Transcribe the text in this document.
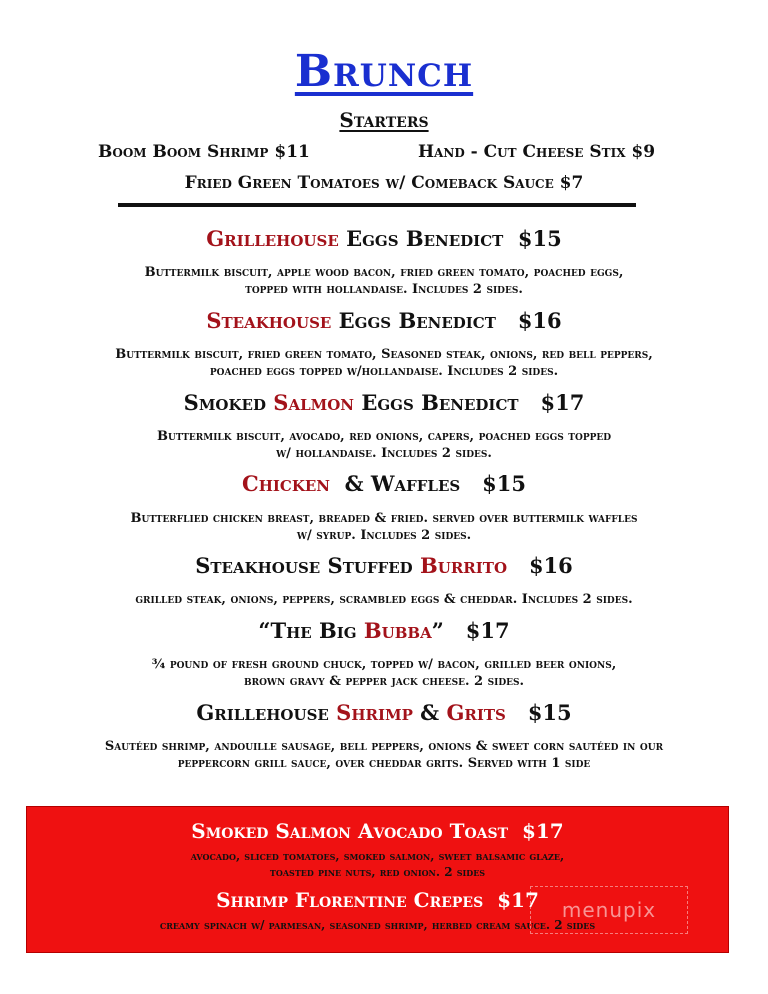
Brunch
Starters
Boom Boom Shrimp $11	Hand - Cut Cheese Stix $9
Fried Green Tomatoes w/ Comeback Sauce $7
Grillehouse Eggs Benedict  $15
Buttermilk biscuit, apple wood bacon, fried green tomato, poached eggs,
topped with hollandaise. Includes 2 sides.
Steakhouse Eggs Benedict   $16
Buttermilk biscuit, fried green tomato, Seasoned steak, onions, red bell peppers,
poached eggs topped w/hollandaise. Includes 2 sides.
Smoked Salmon Eggs Benedict   $17
Buttermilk biscuit, avocado, red onions, capers, poached eggs topped
w/ hollandaise. Includes 2 sides.
Chicken  & Waffles   $15
Butterflied chicken breast, breaded & fried. served over buttermilk waffles
w/ syrup. Includes 2 sides.
Steakhouse Stuffed Burrito   $16
grilled steak, onions, peppers, scrambled eggs & cheddar. Includes 2 sides.
“The Big Bubba”   $17
¾ pound of fresh ground chuck, topped w/ bacon, grilled beer onions,
brown gravy & pepper jack cheese. 2 sides.
Grillehouse Shrimp & Grits   $15
Sautéed shrimp, andouille sausage, bell peppers, onions & sweet corn sautéed in our
peppercorn grill sauce, over cheddar grits. Served with 1 side
Smoked Salmon Avocado Toast  $17
avocado, sliced tomatoes, smoked salmon, sweet balsamic glaze,
toasted pine nuts, red onion. 2 sides
Shrimp Florentine Crepes  $17
creamy spinach w/ parmesan, seasoned shrimp, herbed cream sauce. 2 sides
menupix
